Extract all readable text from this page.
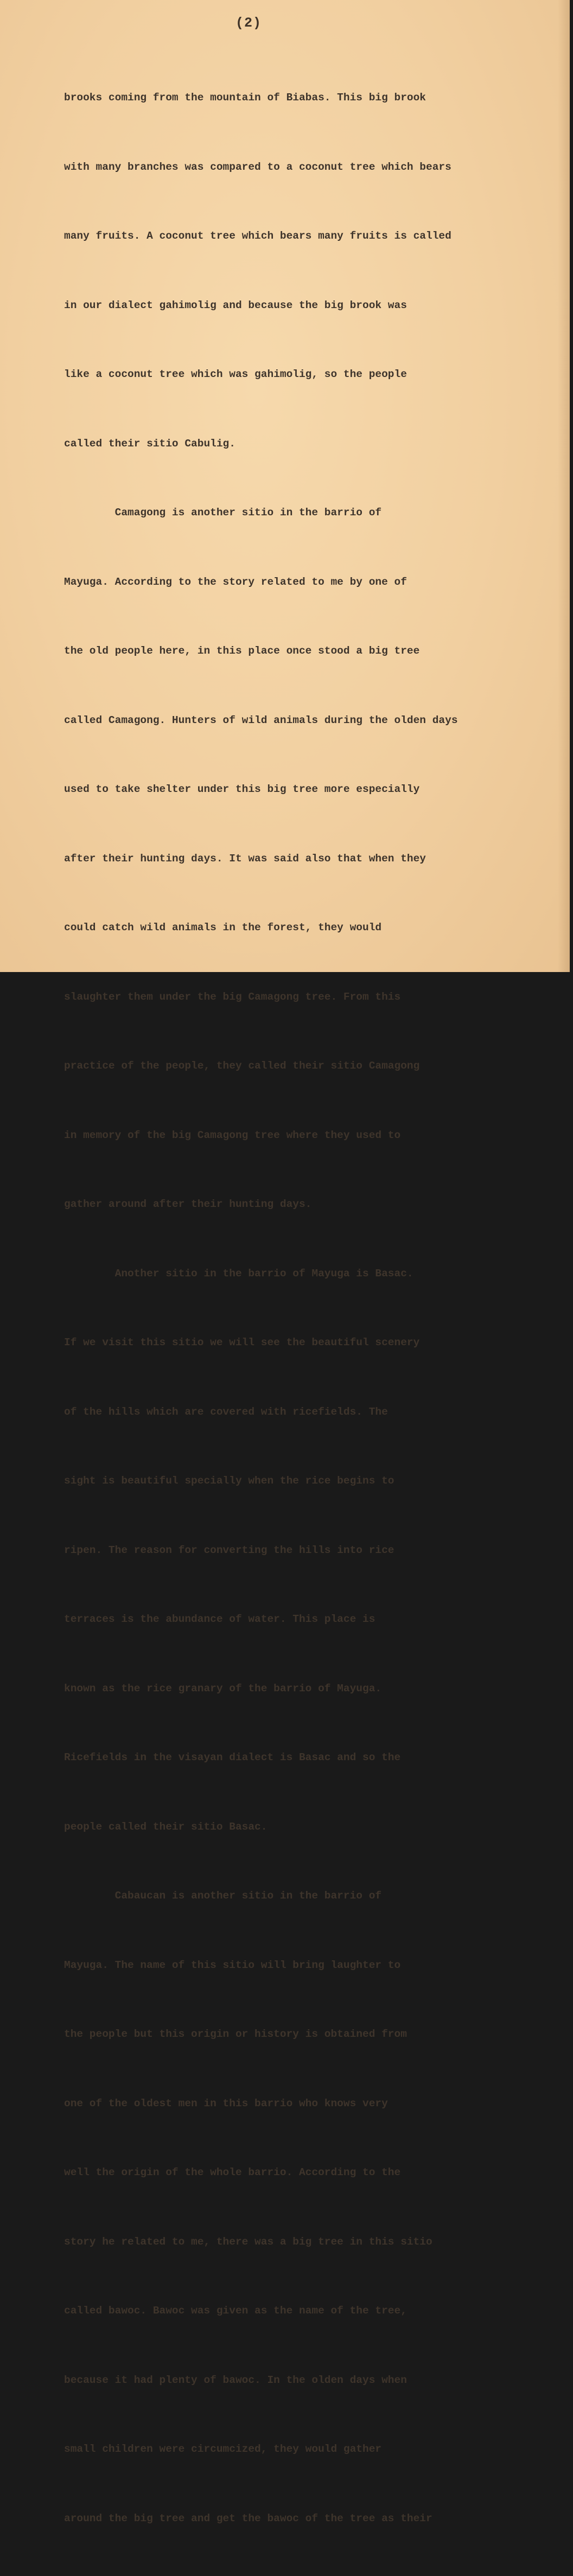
(2)

brooks coming from the mountain of Biabas. This big brook

with many branches was compared to a coconut tree which bears

many fruits. A coconut tree which bears many fruits is called

in our dialect gahimolig and because the big brook was

like a coconut tree which was gahimolig, so the people

called their sitio Cabulig.

Camagong is another sitio in the barrio of

Mayuga. According to the story related to me by one of

the old people here, in this place once stood a big tree

called Camagong. Hunters of wild animals during the olden days

used to take shelter under this big tree more especially

after their hunting days. It was said also that when they

could catch wild animals in the forest, they would

slaughter them under the big Camagong tree. From this

practice of the people, they called their sitio Camagong

in memory of the big Camagong tree where they used to

gather around after their hunting days.

Another sitio in the barrio of Mayuga is Basac.

If we visit this sitio we will see the beautiful scenery

of the hills which are covered with ricefields. The

sight is beautiful specially when the rice begins to

ripen. The reason for converting the hills into rice

terraces is the abundance of water. This place is

known as the rice granary of the barrio of Mayuga.

Ricefields in the visayan dialect is Basac and so the

people called their sitio Basac.

Cabaucan is another sitio in the barrio of

Mayuga. The name of this sitio will bring laughter to

the people but this origin or history is obtained from

one of the oldest men in this barrio who knows very

well the origin of the whole barrio. According to the

story he related to me, there was a big tree in this sitio

called bawoc. Bawoc was given as the name of the tree,

because it had plenty of bawoc. In the olden days when

small children were circumcized, they would gather

around the big tree and get the bawoc of the tree as their
